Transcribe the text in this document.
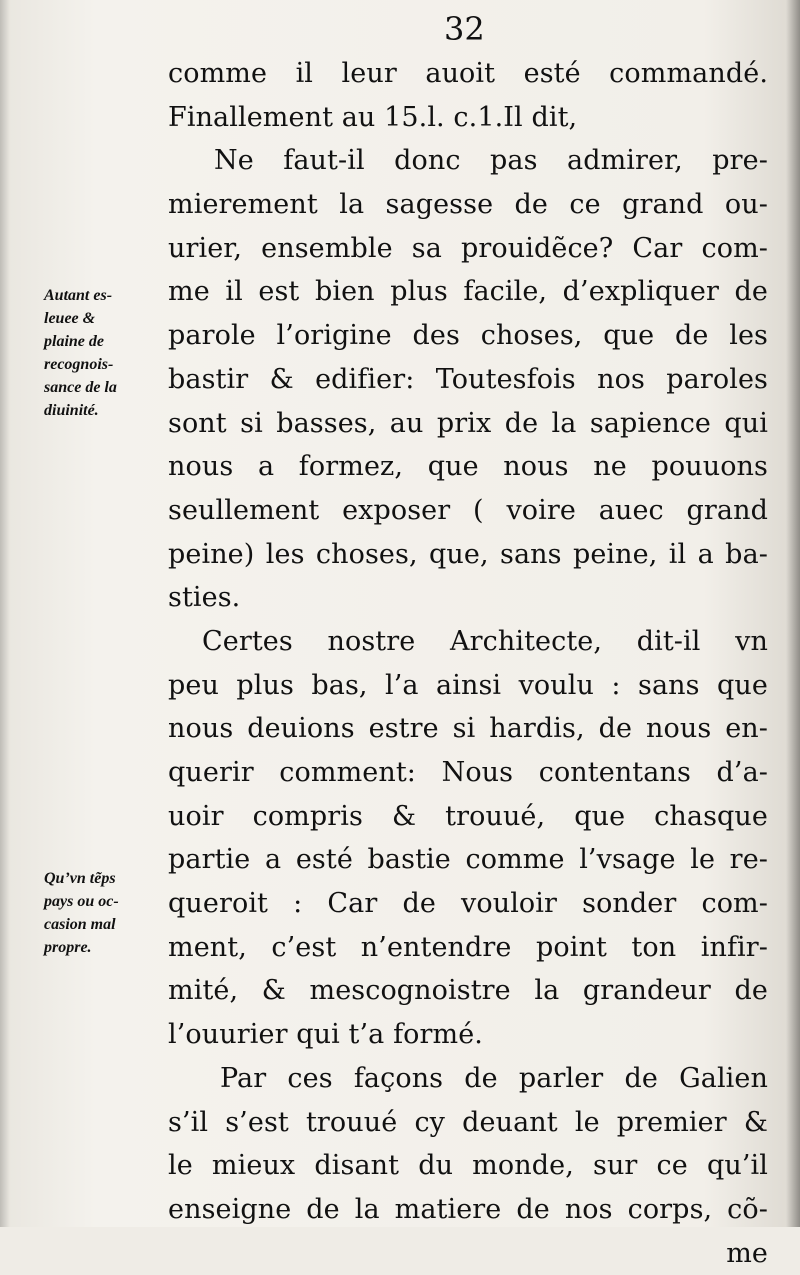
32
comme il leur auoit esté commandé.
Finallement au 15.l. c.1.Il dit,
Ne faut-il donc pas admirer, pre-
mierement la sagesse de ce grand ou-
urier, ensemble sa prouidẽce? Car com-
me il est bien plus facile, d’expliquer de
parole l’origine des choses, que de les
bastir & edifier: Toutesfois nos paroles
sont si basses, au prix de la sapience qui
nous a formez, que nous ne pouuons
seullement exposer ( voire auec grand
peine) les choses, que, sans peine, il a ba-
sties.
Certes nostre Architecte, dit-il vn
peu plus bas, l’a ainsi voulu : sans que
nous deuions estre si hardis, de nous en-
querir comment: Nous contentans d’a-
uoir compris & trouué, que chasque
partie a esté bastie comme l’vsage le re-
queroit : Car de vouloir sonder com-
ment, c’est n’entendre point ton infir-
mité, & mescognoistre la grandeur de
l’ouurier qui t’a formé.
Par ces façons de parler de Galien
s’il s’est trouué cy deuant le premier &
le mieux disant du monde, sur ce qu’il
enseigne de la matiere de nos corps, cõ-
me
Autant es-
leuee &
plaine de
recognois-
sance de la
diuinité.
Qu’vn tẽps
pays ou oc-
casion mal
propre.
